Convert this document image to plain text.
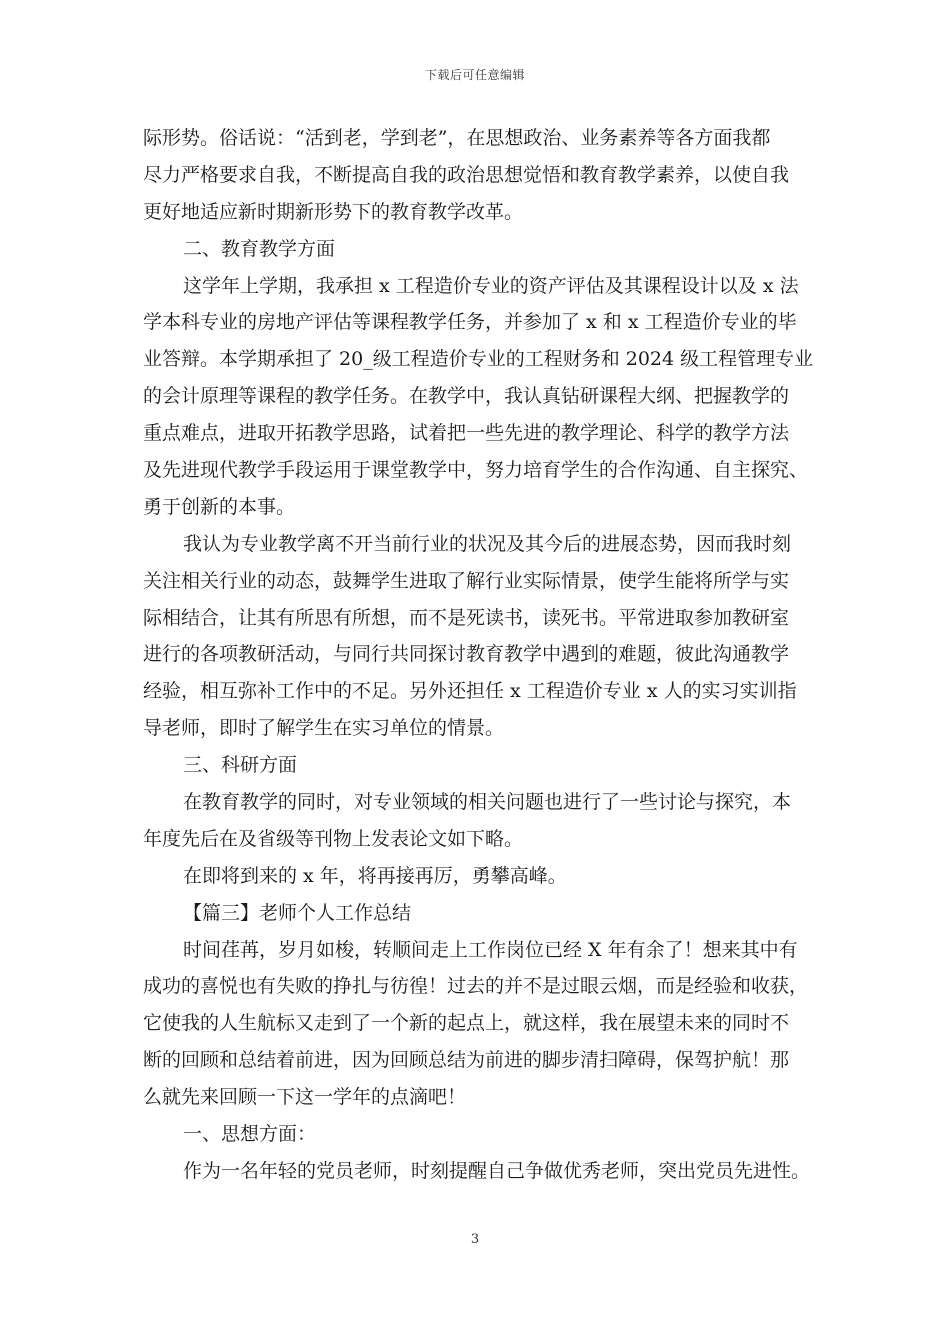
下载后可任意编辑
际形势。俗话说：“活到老，学到老”，在思想政治、业务素养等各方面我都
尽力严格要求自我，不断提高自我的政治思想觉悟和教育教学素养，以使自我
更好地适应新时期新形势下的教育教学改革。
二、教育教学方面
这学年上学期，我承担 x 工程造价专业的资产评估及其课程设计以及 x 法
学本科专业的房地产评估等课程教学任务，并参加了 x 和 x 工程造价专业的毕
业答辩。本学期承担了 20_级工程造价专业的工程财务和 2024 级工程管理专业
的会计原理等课程的教学任务。在教学中，我认真钻研课程大纲、把握教学的
重点难点，进取开拓教学思路，试着把一些先进的教学理论、科学的教学方法
及先进现代教学手段运用于课堂教学中，努力培育学生的合作沟通、自主探究、
勇于创新的本事。
我认为专业教学离不开当前行业的状况及其今后的进展态势，因而我时刻
关注相关行业的动态，鼓舞学生进取了解行业实际情景，使学生能将所学与实
际相结合，让其有所思有所想，而不是死读书，读死书。平常进取参加教研室
进行的各项教研活动，与同行共同探讨教育教学中遇到的难题，彼此沟通教学
经验，相互弥补工作中的不足。另外还担任 x 工程造价专业 x 人的实习实训指
导老师，即时了解学生在实习单位的情景。
三、科研方面
在教育教学的同时，对专业领域的相关问题也进行了一些讨论与探究，本
年度先后在及省级等刊物上发表论文如下略。
在即将到来的 x 年，将再接再厉，勇攀高峰。
【篇三】老师个人工作总结
时间荏苒，岁月如梭，转顺间走上工作岗位已经 X 年有余了！想来其中有
成功的喜悦也有失败的挣扎与彷徨！过去的并不是过眼云烟，而是经验和收获，
它使我的人生航标又走到了一个新的起点上，就这样，我在展望未来的同时不
断的回顾和总结着前进，因为回顾总结为前进的脚步清扫障碍，保驾护航！那
么就先来回顾一下这一学年的点滴吧！
一、思想方面：
作为一名年轻的党员老师，时刻提醒自己争做优秀老师，突出党员先进性。
3
